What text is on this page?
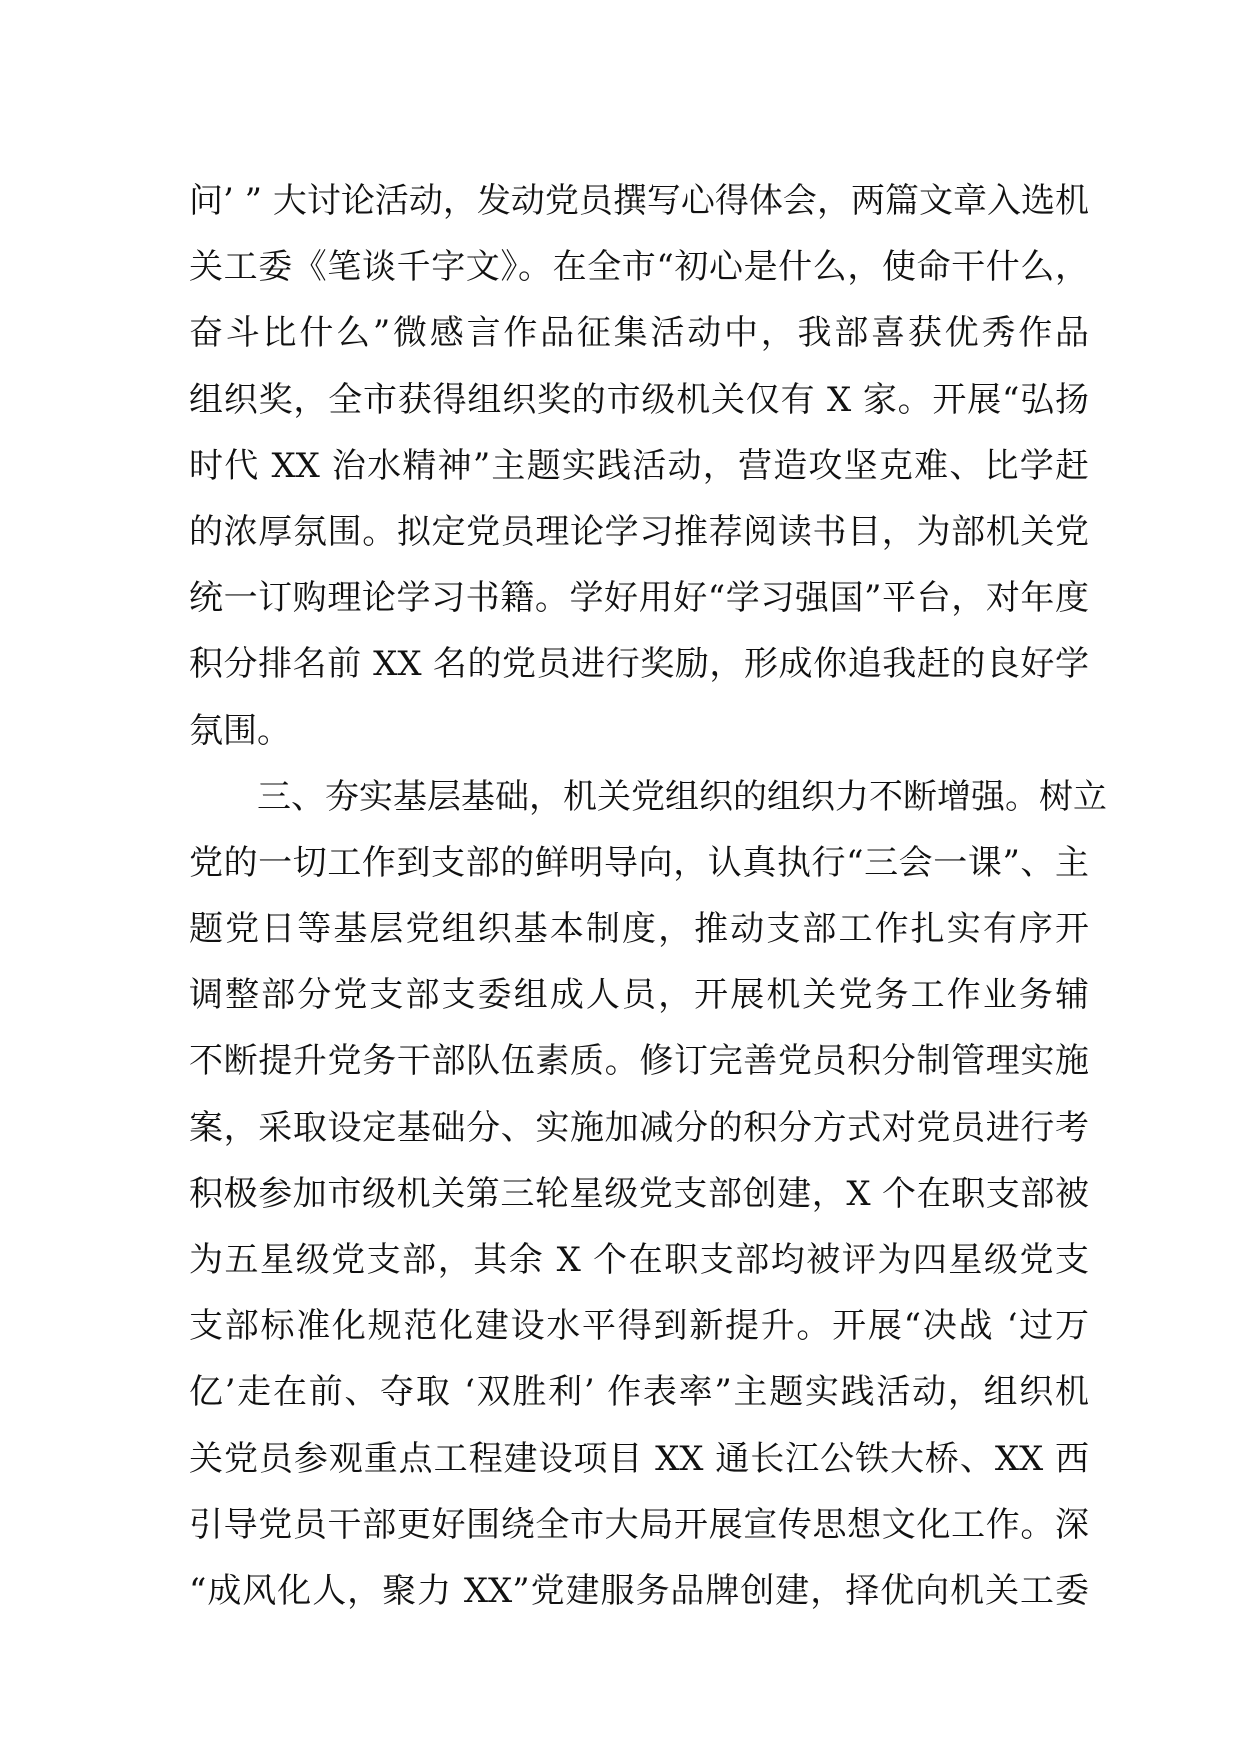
问’ ” 大讨论活动，发动党员撰写心得体会，两篇文章入选机
关工委《笔谈千字文》。在全市“初心是什么，使命干什么，
奋斗比什么”微感言作品征集活动中，我部喜获优秀作品
组织奖，全市获得组织奖的市级机关仅有 X 家。开展“弘扬
时代 XX 治水精神”主题实践活动，营造攻坚克难、比学赶
的浓厚氛围。拟定党员理论学习推荐阅读书目，为部机关党
统一订购理论学习书籍。学好用好“学习强国”平台，对年度
积分排名前 XX 名的党员进行奖励，形成你追我赶的良好学
氛围。
三、夯实基层基础，机关党组织的组织力不断增强。树立
党的一切工作到支部的鲜明导向，认真执行“三会一课”、主
题党日等基层党组织基本制度，推动支部工作扎实有序开
调整部分党支部支委组成人员，开展机关党务工作业务辅
不断提升党务干部队伍素质。修订完善党员积分制管理实施
案，采取设定基础分、实施加减分的积分方式对党员进行考
积极参加市级机关第三轮星级党支部创建，X 个在职支部被
为五星级党支部，其余 X 个在职支部均被评为四星级党支
支部标准化规范化建设水平得到新提升。开展“决战 ‘过万
亿’走在前、夺取 ‘双胜利’ 作表率”主题实践活动，组织机
关党员参观重点工程建设项目 XX 通长江公铁大桥、XX 西
引导党员干部更好围绕全市大局开展宣传思想文化工作。深
“成风化人，聚力 XX”党建服务品牌创建，择优向机关工委
